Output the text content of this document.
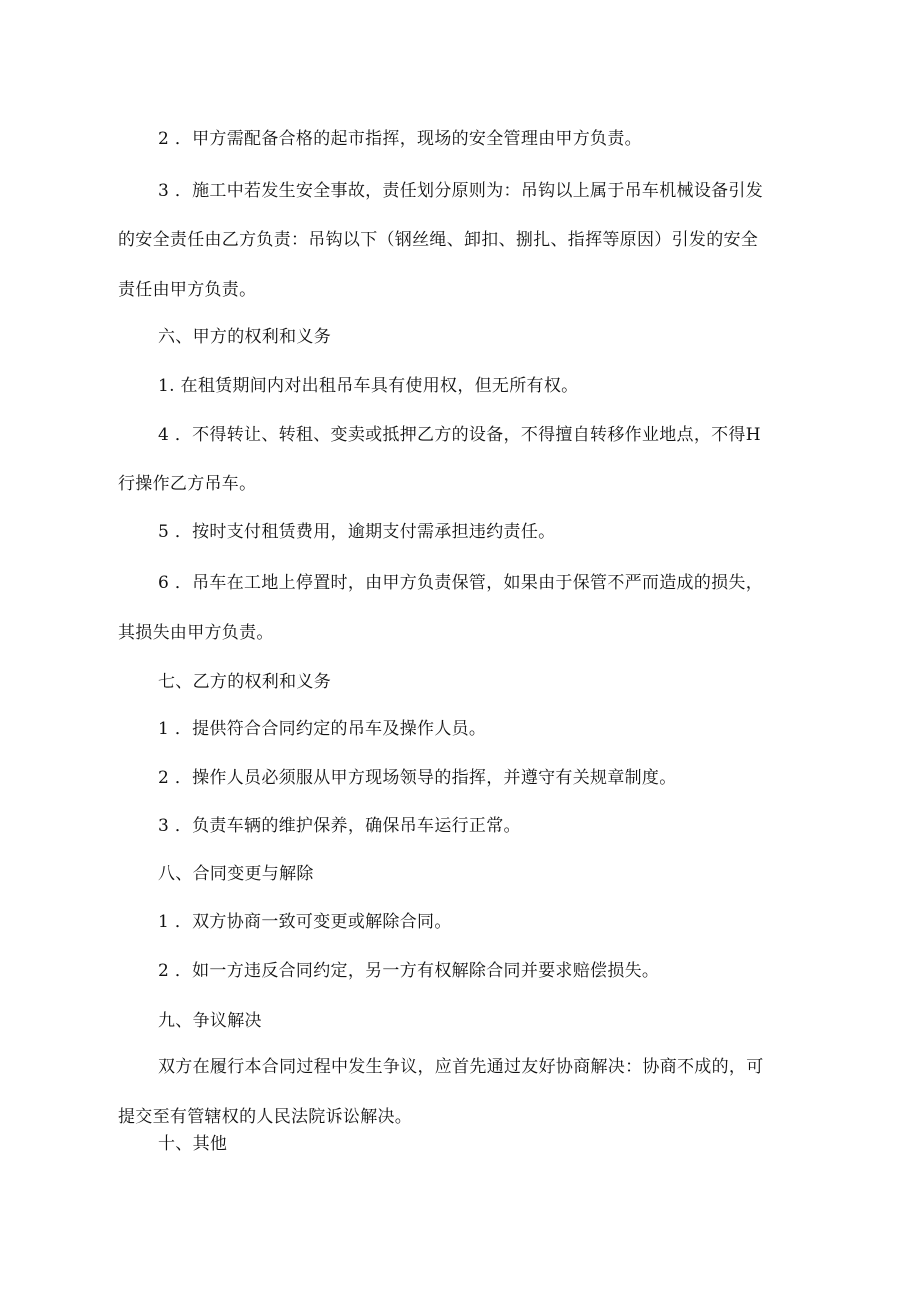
2 ．甲方需配备合格的起市指挥，现场的安全管理由甲方负责。
3 ．施工中若发生安全事故，责任划分原则为：吊钩以上属于吊车机械设备引发
的安全责任由乙方负责：吊钩以下（钢丝绳、卸扣、捌扎、指挥等原因）引发的安全
责任由甲方负责。
六、甲方的权利和义务
1. 在租赁期间内对出租吊车具有使用权，但无所有权。
4 ．不得转让、转租、变卖或抵押乙方的设备，不得擅自转移作业地点，不得H
行操作乙方吊车。
5 ．按时支付租赁费用，逾期支付需承担违约责任。
6 ．吊车在工地上停置时，由甲方负责保管，如果由于保管不严而造成的损失，
其损失由甲方负责。
七、乙方的权利和义务
1 ．提供符合合同约定的吊车及操作人员。
2 ．操作人员必须服从甲方现场领导的指挥，并遵守有关规章制度。
3 ．负责车辆的维护保养，确保吊车运行正常。
八、合同变更与解除
1 ．双方协商一致可变更或解除合同。
2 ．如一方违反合同约定，另一方有权解除合同并要求赔偿损失。
九、争议解决
双方在履行本合同过程中发生争议，应首先通过友好协商解决：协商不成的，可
提交至有管辖权的人民法院诉讼解决。
十、其他
